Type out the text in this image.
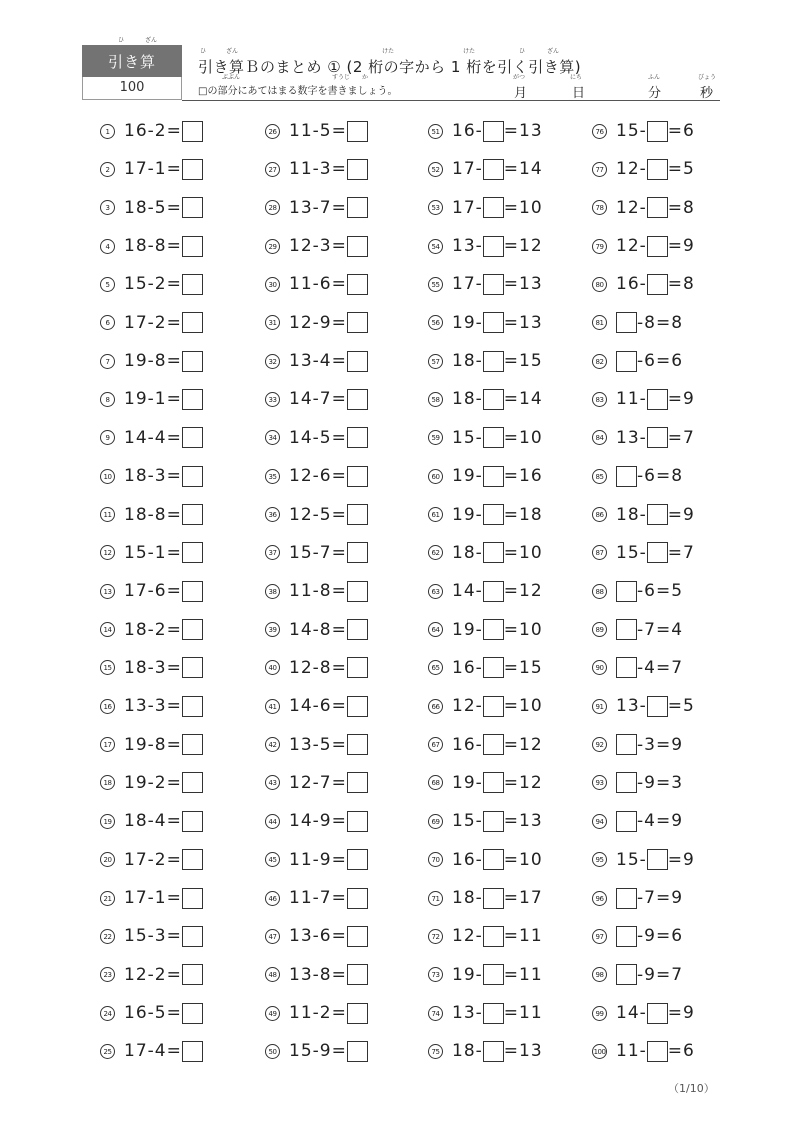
ひ	ざん
引き算
100
ひ	ざん	けた	けた	ひ	ざん
引き算Ｂのまとめ ① (2 桁の字から 1 桁を引く引き算)
ぶぶん	すうじ か
□の部分にあてはまる数字を書きましょう。
がつ	にち	ふん	びょう
月	日	分	秒
1 16 - 2 =
2 17 - 1 =
3 18 - 5 =
4 18 - 8 =
5 15 - 2 =
6 17 - 2 =
7 19 - 8 =
8 19 - 1 =
9 14 - 4 =
10 18 - 3 =
11 18 - 8 =
12 15 - 1 =
13 17 - 6 =
14 18 - 2 =
15 18 - 3 =
16 13 - 3 =
17 19 - 8 =
18 19 - 2 =
19 18 - 4 =
20 17 - 2 =
21 17 - 1 =
22 15 - 3 =
23 12 - 2 =
24 16 - 5 =
25 17 - 4 =
26 11 - 5 =
27 11 - 3 =
28 13 - 7 =
29 12 - 3 =
30 11 - 6 =
31 12 - 9 =
32 13 - 4 =
33 14 - 7 =
34 14 - 5 =
35 12 - 6 =
36 12 - 5 =
37 15 - 7 =
38 11 - 8 =
39 14 - 8 =
40 12 - 8 =
41 14 - 6 =
42 13 - 5 =
43 12 - 7 =
44 14 - 9 =
45 11 - 9 =
46 11 - 7 =
47 13 - 6 =
48 13 - 8 =
49 11 - 2 =
50 15 - 9 =
51 16 - = 13
52 17 - = 14
53 17 - = 10
54 13 - = 12
55 17 - = 13
56 19 - = 13
57 18 - = 15
58 18 - = 14
59 15 - = 10
60 19 - = 16
61 19 - = 18
62 18 - = 10
63 14 - = 12
64 19 - = 10
65 16 - = 15
66 12 - = 10
67 16 - = 12
68 19 - = 12
69 15 - = 13
70 16 - = 10
71 18 - = 17
72 12 - = 11
73 19 - = 11
74 13 - = 11
75 18 - = 13
76 15 - = 6
77 12 - = 5
78 12 - = 8
79 12 - = 9
80 16 - = 8
81 - 8 = 8
82 - 6 = 6
83 11 - = 9
84 13 - = 7
85 - 6 = 8
86 18 - = 9
87 15 - = 7
88 - 6 = 5
89 - 7 = 4
90 - 4 = 7
91 13 - = 5
92 - 3 = 9
93 - 9 = 3
94 - 4 = 9
95 15 - = 9
96 - 7 = 9
97 - 9 = 6
98 - 9 = 7
99 14 - = 9
100 11 - = 6
（1/10）
